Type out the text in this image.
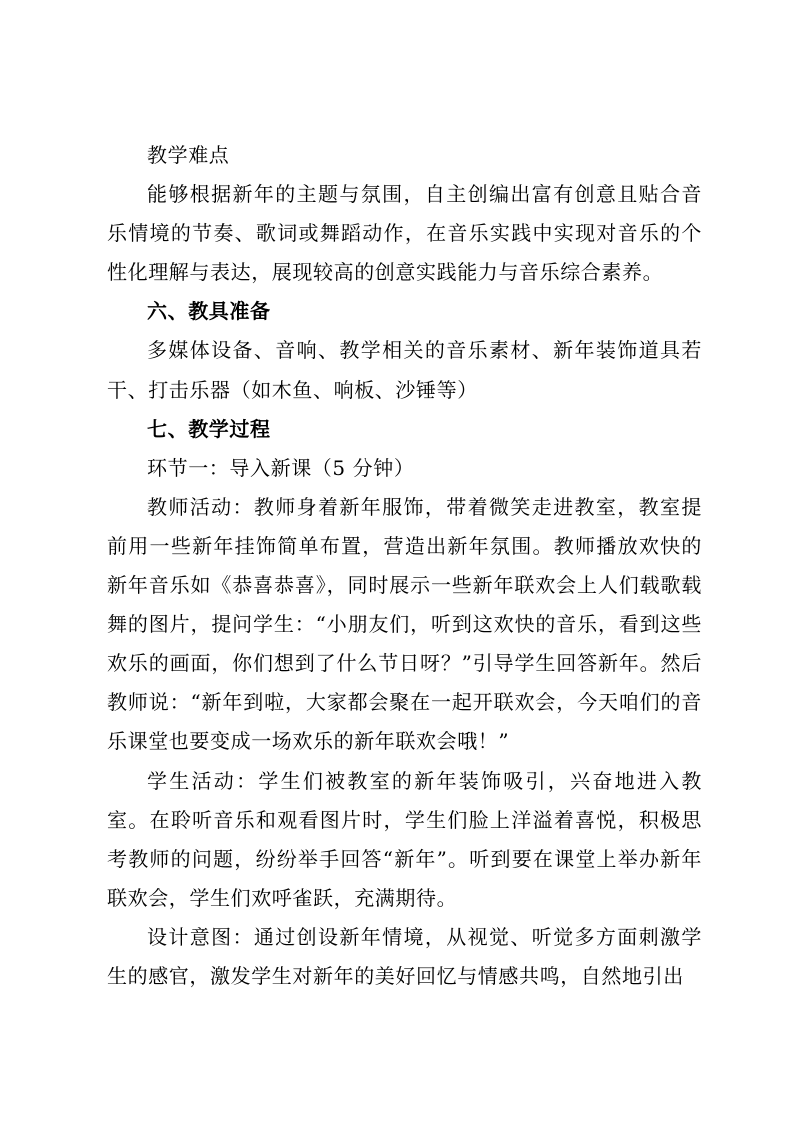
教学难点

能够根据新年的主题与氛围，自主创编出富有创意且贴合音乐情境的节奏、歌词或舞蹈动作，在音乐实践中实现对音乐的个性化理解与表达，展现较高的创意实践能力与音乐综合素养。

六、教具准备

多媒体设备、音响、教学相关的音乐素材、新年装饰道具若干、打击乐器（如木鱼、响板、沙锤等）

七、教学过程

环节一：导入新课（5 分钟）

教师活动：教师身着新年服饰，带着微笑走进教室，教室提前用一些新年挂饰简单布置，营造出新年氛围。教师播放欢快的新年音乐如《恭喜恭喜》，同时展示一些新年联欢会上人们载歌载舞的图片，提问学生：“小朋友们，听到这欢快的音乐，看到这些欢乐的画面，你们想到了什么节日呀？”引导学生回答新年。然后教师说：“新年到啦，大家都会聚在一起开联欢会，今天咱们的音乐课堂也要变成一场欢乐的新年联欢会哦！”

学生活动：学生们被教室的新年装饰吸引，兴奋地进入教室。在聆听音乐和观看图片时，学生们脸上洋溢着喜悦，积极思考教师的问题，纷纷举手回答“新年”。听到要在课堂上举办新年联欢会，学生们欢呼雀跃，充满期待。

设计意图：通过创设新年情境，从视觉、听觉多方面刺激学生的感官，激发学生对新年的美好回忆与情感共鸣，自然地引出
